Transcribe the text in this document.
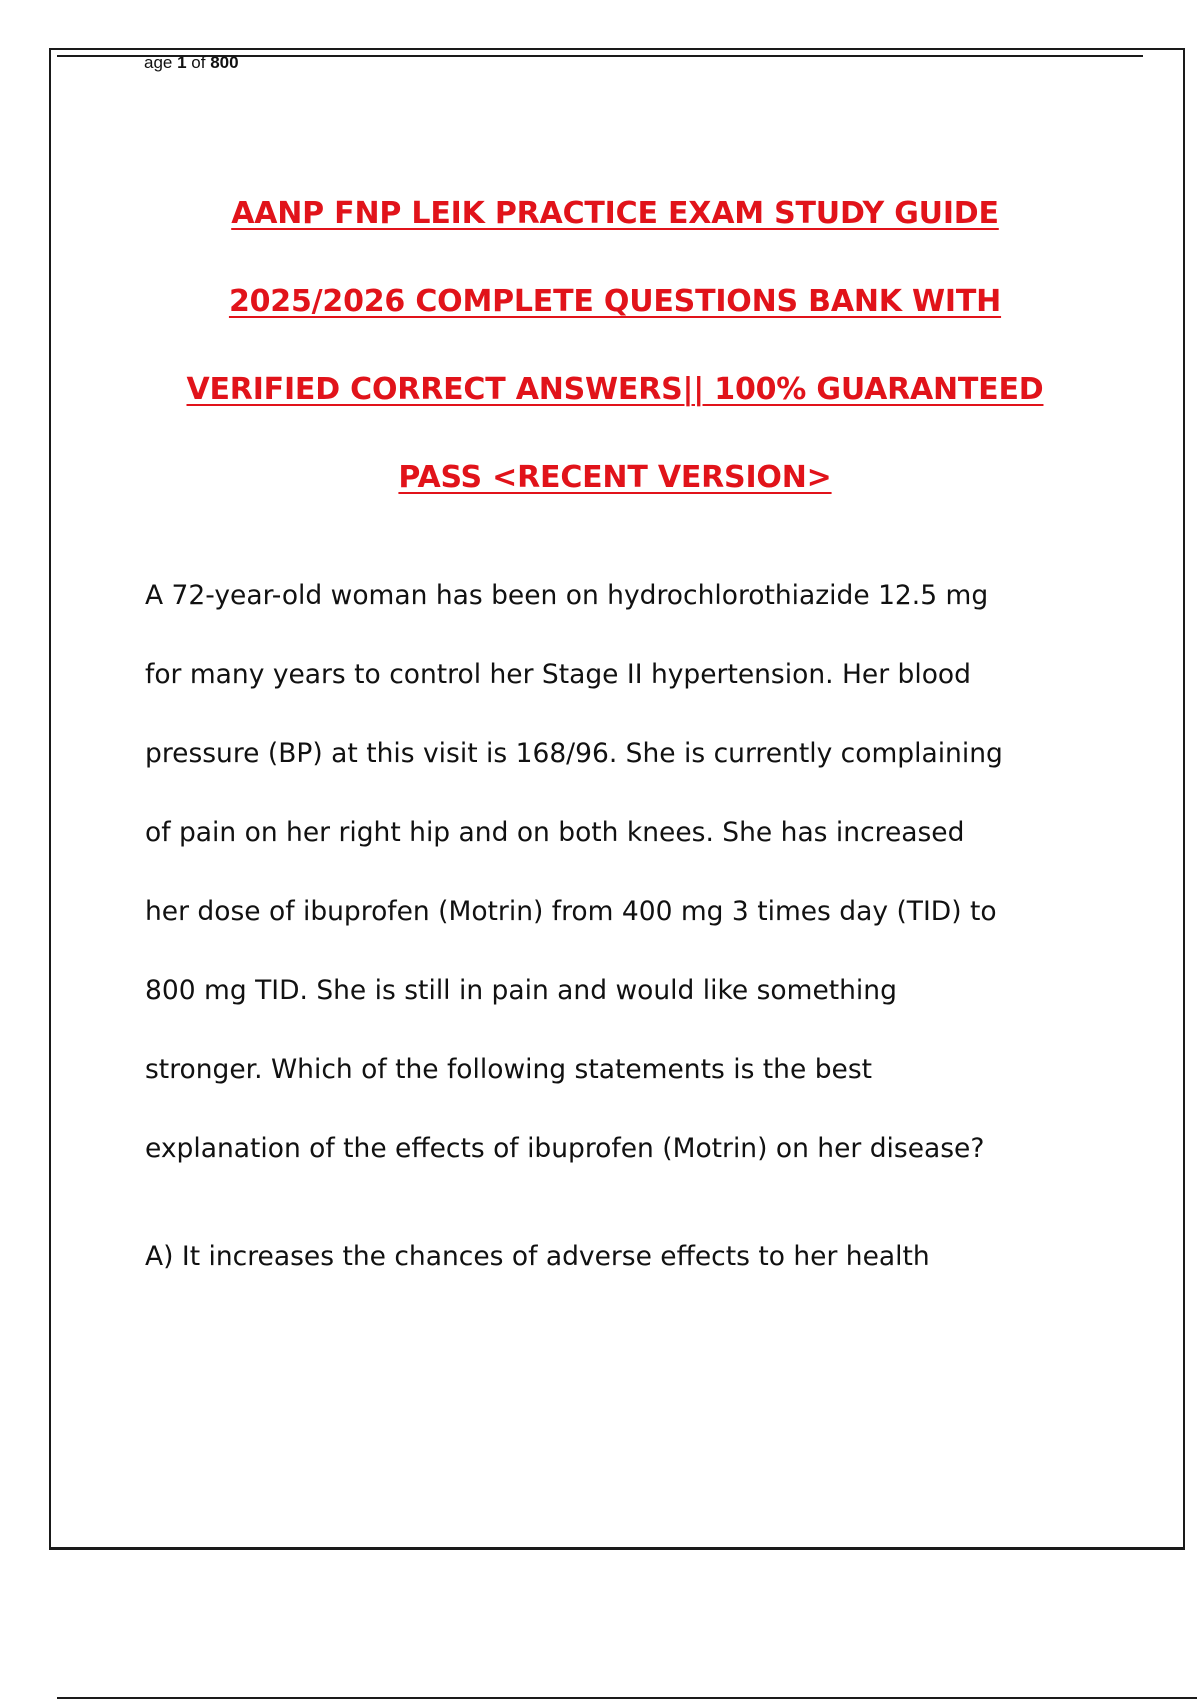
age 1 of 800
AANP FNP LEIK PRACTICE EXAM STUDY GUIDE
2025/2026 COMPLETE QUESTIONS BANK WITH
VERIFIED CORRECT ANSWERS|| 100% GUARANTEED
PASS <RECENT VERSION>
A 72-year-old woman has been on hydrochlorothiazide 12.5 mg
for many years to control her Stage II hypertension. Her blood
pressure (BP) at this visit is 168/96. She is currently complaining
of pain on her right hip and on both knees. She has increased
her dose of ibuprofen (Motrin) from 400 mg 3 times day (TID) to
800 mg TID. She is still in pain and would like something
stronger. Which of the following statements is the best
explanation of the effects of ibuprofen (Motrin) on her disease?
A) It increases the chances of adverse effects to her health
